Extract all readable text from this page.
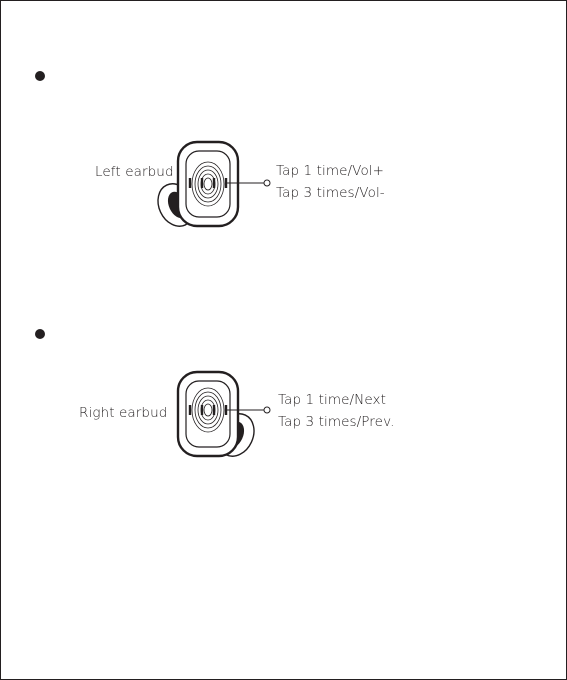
Left earbud	Tap 1 time/Vol+
Tap 3 times/Vol-
Right earbud
Tap 1 time/Next
Tap 3 times/Prev.
